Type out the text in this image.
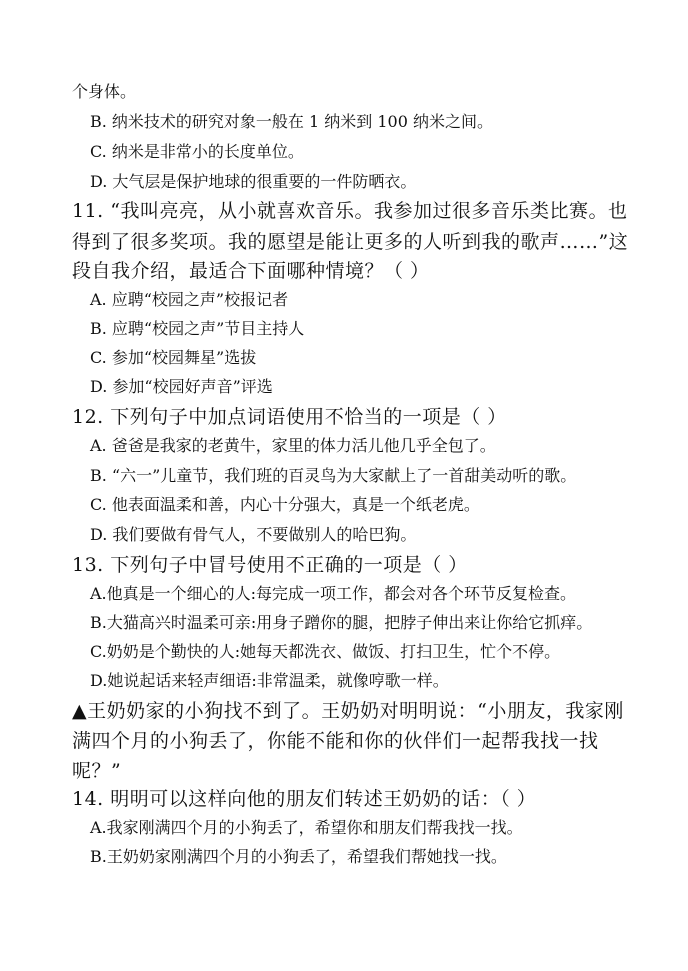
个身体。
B. 纳米技术的研究对象一般在 1 纳米到 100 纳米之间。
C. 纳米是非常小的长度单位。
D. 大气层是保护地球的很重要的一件防晒衣。
11. “我叫亮亮，从小就喜欢音乐。我参加过很多音乐类比赛。也
得到了很多奖项。我的愿望是能让更多的人听到我的歌声……”这
段自我介绍，最适合下面哪种情境？（ ）
A. 应聘“校园之声”校报记者
B. 应聘“校园之声”节目主持人
C. 参加“校园舞星”选拔
D. 参加“校园好声音”评选
12. 下列句子中加点词语使用不恰当的一项是（ ）
A. 爸爸是我家的老黄牛，家里的体力活儿他几乎全包了。
B. “六一”儿童节，我们班的百灵鸟为大家献上了一首甜美动听的歌。
C. 他表面温柔和善，内心十分强大，真是一个纸老虎。
D. 我们要做有骨气人，不要做别人的哈巴狗。
13. 下列句子中冒号使用不正确的一项是（ ）
A.他真是一个细心的人:每完成一项工作，都会对各个环节反复检查。
B.大猫高兴时温柔可亲:用身子蹭你的腿，把脖子伸出来让你给它抓痒。
C.奶奶是个勤快的人:她每天都洗衣、做饭、打扫卫生，忙个不停。
D.她说起话来轻声细语:非常温柔，就像哼歌一样。
▲王奶奶家的小狗找不到了。王奶奶对明明说：“小朋友，我家刚
满四个月的小狗丢了，你能不能和你的伙伴们一起帮我找一找
呢？”
14. 明明可以这样向他的朋友们转述王奶奶的话：（ ）
A.我家刚满四个月的小狗丢了，希望你和朋友们帮我找一找。
B.王奶奶家刚满四个月的小狗丢了，希望我们帮她找一找。
